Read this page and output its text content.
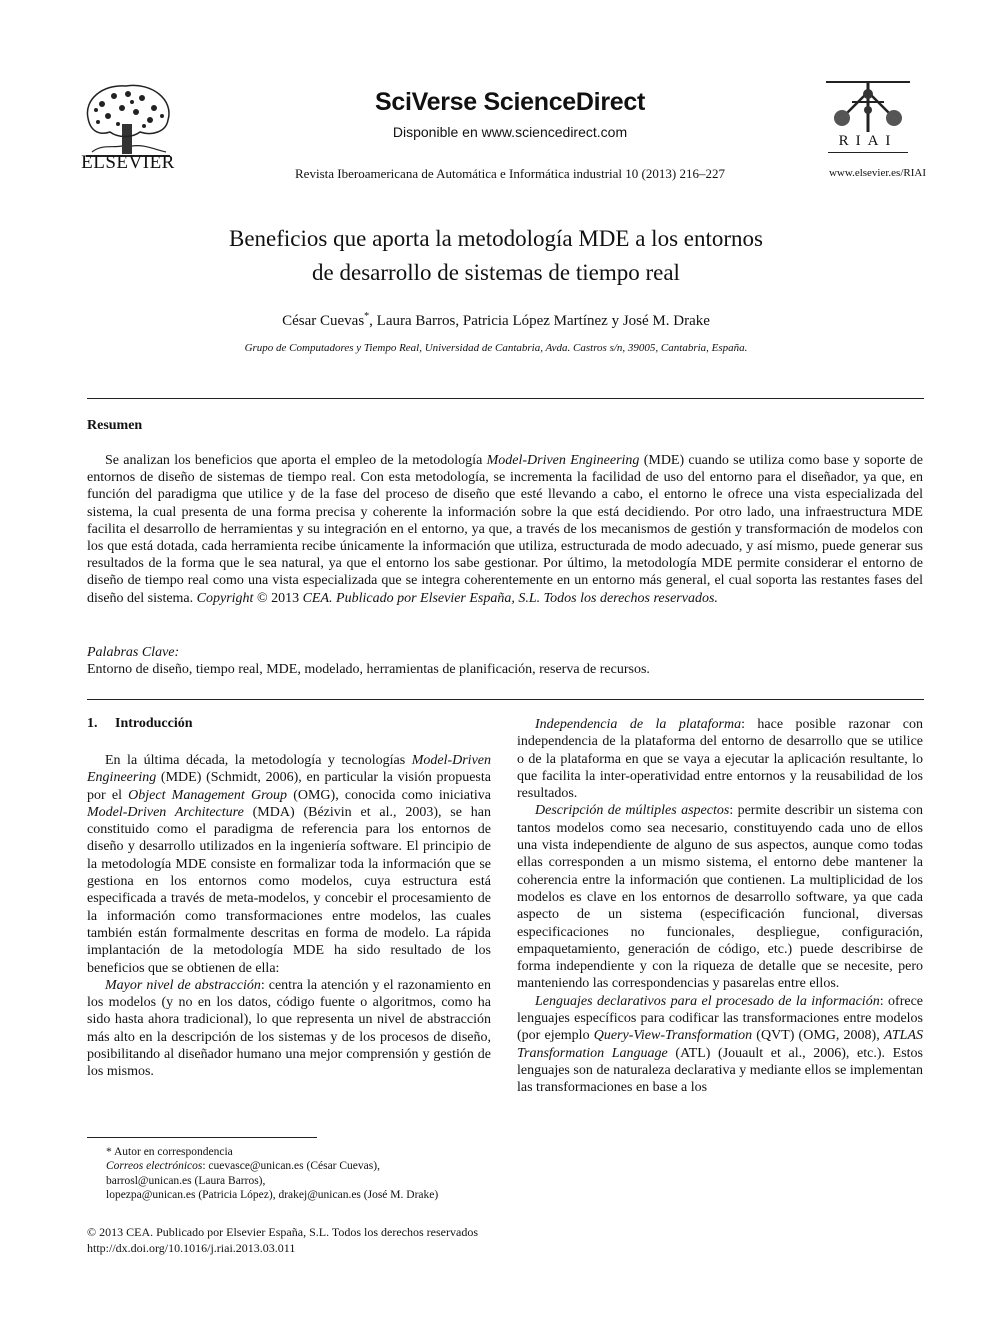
ELSEVIER
SciVerse ScienceDirect
Disponible en www.sciencedirect.com
Revista Iberoamericana de Automática e Informática industrial 10 (2013) 216–227
RIAI
www.elsevier.es/RIAI
Beneficios que aporta la metodología MDE a los entornos
de desarrollo de sistemas de tiempo real
César Cuevas*, Laura Barros, Patricia López Martínez y José M. Drake
Grupo de Computadores y Tiempo Real, Universidad de Cantabria, Avda. Castros s/n, 39005, Cantabria, España.
Resumen
Se analizan los beneficios que aporta el empleo de la metodología Model-Driven Engineering (MDE) cuando se utiliza como base y soporte de entornos de diseño de sistemas de tiempo real. Con esta metodología, se incrementa la facilidad de uso del entorno para el diseñador, ya que, en función del paradigma que utilice y de la fase del proceso de diseño que esté llevando a cabo, el entorno le ofrece una vista especializada del sistema, la cual presenta de una forma precisa y coherente la información sobre la que está decidiendo. Por otro lado, una infraestructura MDE facilita el desarrollo de herramientas y su integración en el entorno, ya que, a través de los mecanismos de gestión y transformación de modelos con los que está dotada, cada herramienta recibe únicamente la información que utiliza, estructurada de modo adecuado, y así mismo, puede generar sus resultados de la forma que le sea natural, ya que el entorno los sabe gestionar. Por último, la metodología MDE permite considerar el entorno de diseño de tiempo real como una vista especializada que se integra coherentemente en un entorno más general, el cual soporta las restantes fases del diseño del sistema. Copyright © 2013 CEA. Publicado por Elsevier España, S.L. Todos los derechos reservados.
Palabras Clave:
Entorno de diseño, tiempo real, MDE, modelado, herramientas de planificación, reserva de recursos.
1. Introducción

En la última década, la metodología y tecnologías Model-Driven Engineering (MDE) (Schmidt, 2006), en particular la visión propuesta por el Object Management Group (OMG), conocida como iniciativa Model-Driven Architecture (MDA) (Bézivin et al., 2003), se han constituido como el paradigma de referencia para los entornos de diseño y desarrollo utilizados en la ingeniería software. El principio de la metodología MDE consiste en formalizar toda la información que se gestiona en los entornos como modelos, cuya estructura está especificada a través de meta-modelos, y concebir el procesamiento de la información como transformaciones entre modelos, las cuales también están formalmente descritas en forma de modelo. La rápida implantación de la metodología MDE ha sido resultado de los beneficios que se obtienen de ella:

Mayor nivel de abstracción: centra la atención y el razonamiento en los modelos (y no en los datos, código fuente o algoritmos, como ha sido hasta ahora tradicional), lo que representa un nivel de abstracción más alto en la descripción de los sistemas y de los procesos de diseño, posibilitando al diseñador humano una mejor comprensión y gestión de los mismos.

Independencia de la plataforma: hace posible razonar con independencia de la plataforma del entorno de desarrollo que se utilice o de la plataforma en que se vaya a ejecutar la aplicación resultante, lo que facilita la inter-operatividad entre entornos y la reusabilidad de los resultados.

Descripción de múltiples aspectos: permite describir un sistema con tantos modelos como sea necesario, constituyendo cada uno de ellos una vista independiente de alguno de sus aspectos, aunque como todas ellas corresponden a un mismo sistema, el entorno debe mantener la coherencia entre la información que contienen. La multiplicidad de los modelos es clave en los entornos de desarrollo software, ya que cada aspecto de un sistema (especificación funcional, diversas especificaciones no funcionales, despliegue, configuración, empaquetamiento, generación de código, etc.) puede describirse de forma independiente y con la riqueza de detalle que se necesite, pero manteniendo las correspondencias y pasarelas entre ellos.

Lenguajes declarativos para el procesado de la información: ofrece lenguajes específicos para codificar las transformaciones entre modelos (por ejemplo Query-View-Transformation (QVT) (OMG, 2008), ATLAS Transformation Language (ATL) (Jouault et al., 2006), etc.). Estos lenguajes son de naturaleza declarativa y mediante ellos se implementan las transformaciones en base a los

* Autor en correspondencia
Correos electrónicos: cuevasce@unican.es (César Cuevas),
barrosl@unican.es (Laura Barros),
lopezpa@unican.es (Patricia López), drakej@unican.es (José M. Drake)
© 2013 CEA. Publicado por Elsevier España, S.L. Todos los derechos reservados
http://dx.doi.org/10.1016/j.riai.2013.03.011
